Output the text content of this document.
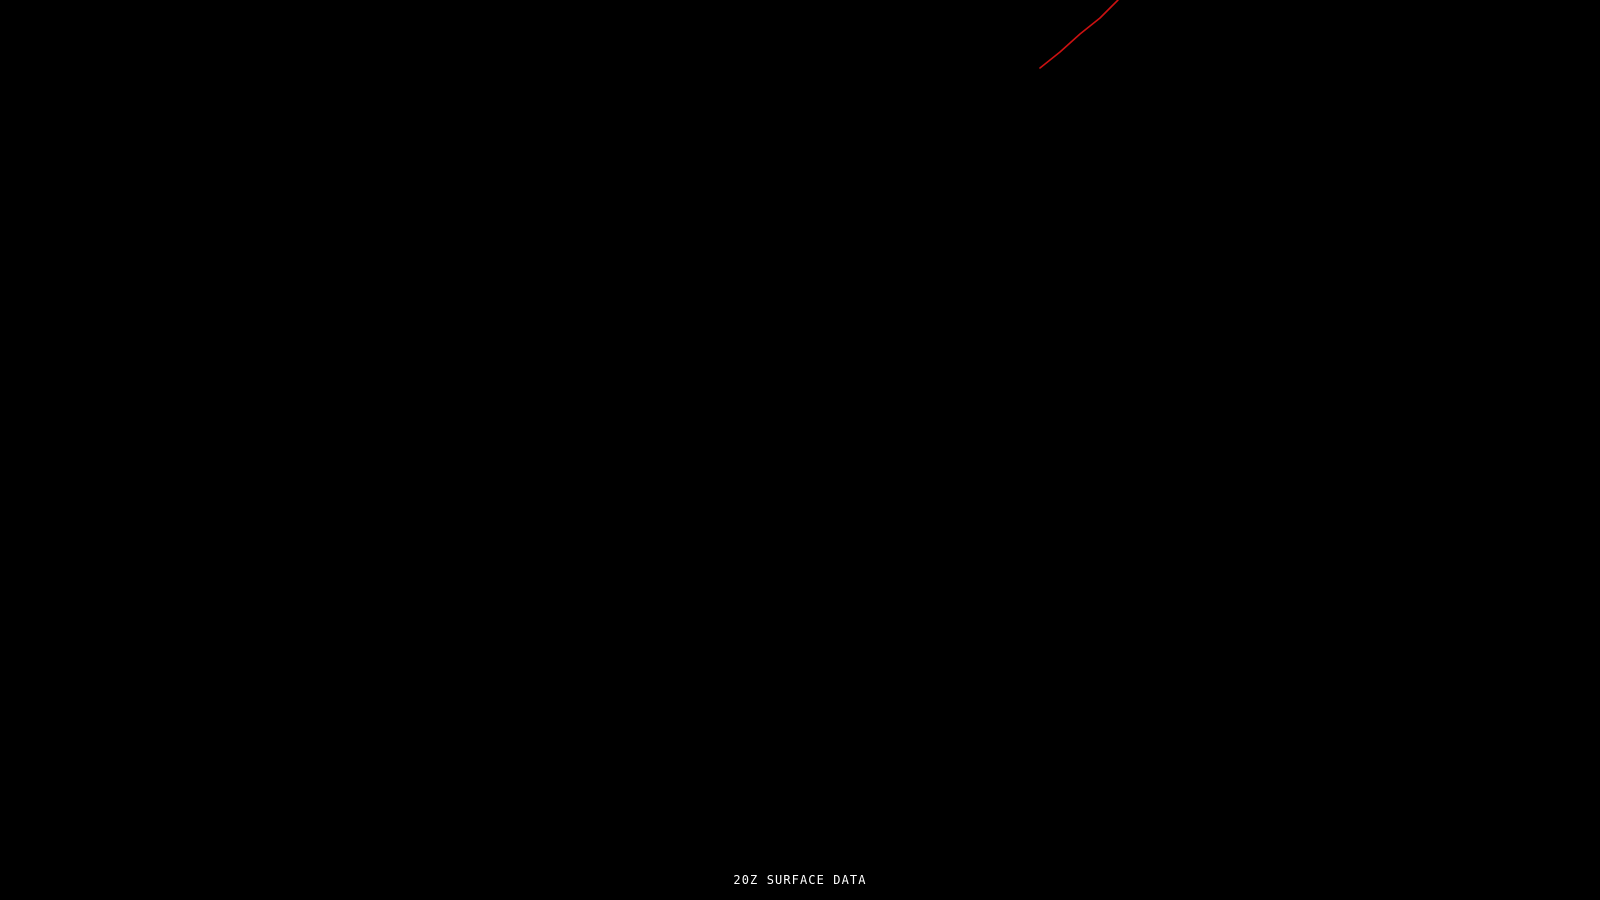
20Z SURFACE DATA
